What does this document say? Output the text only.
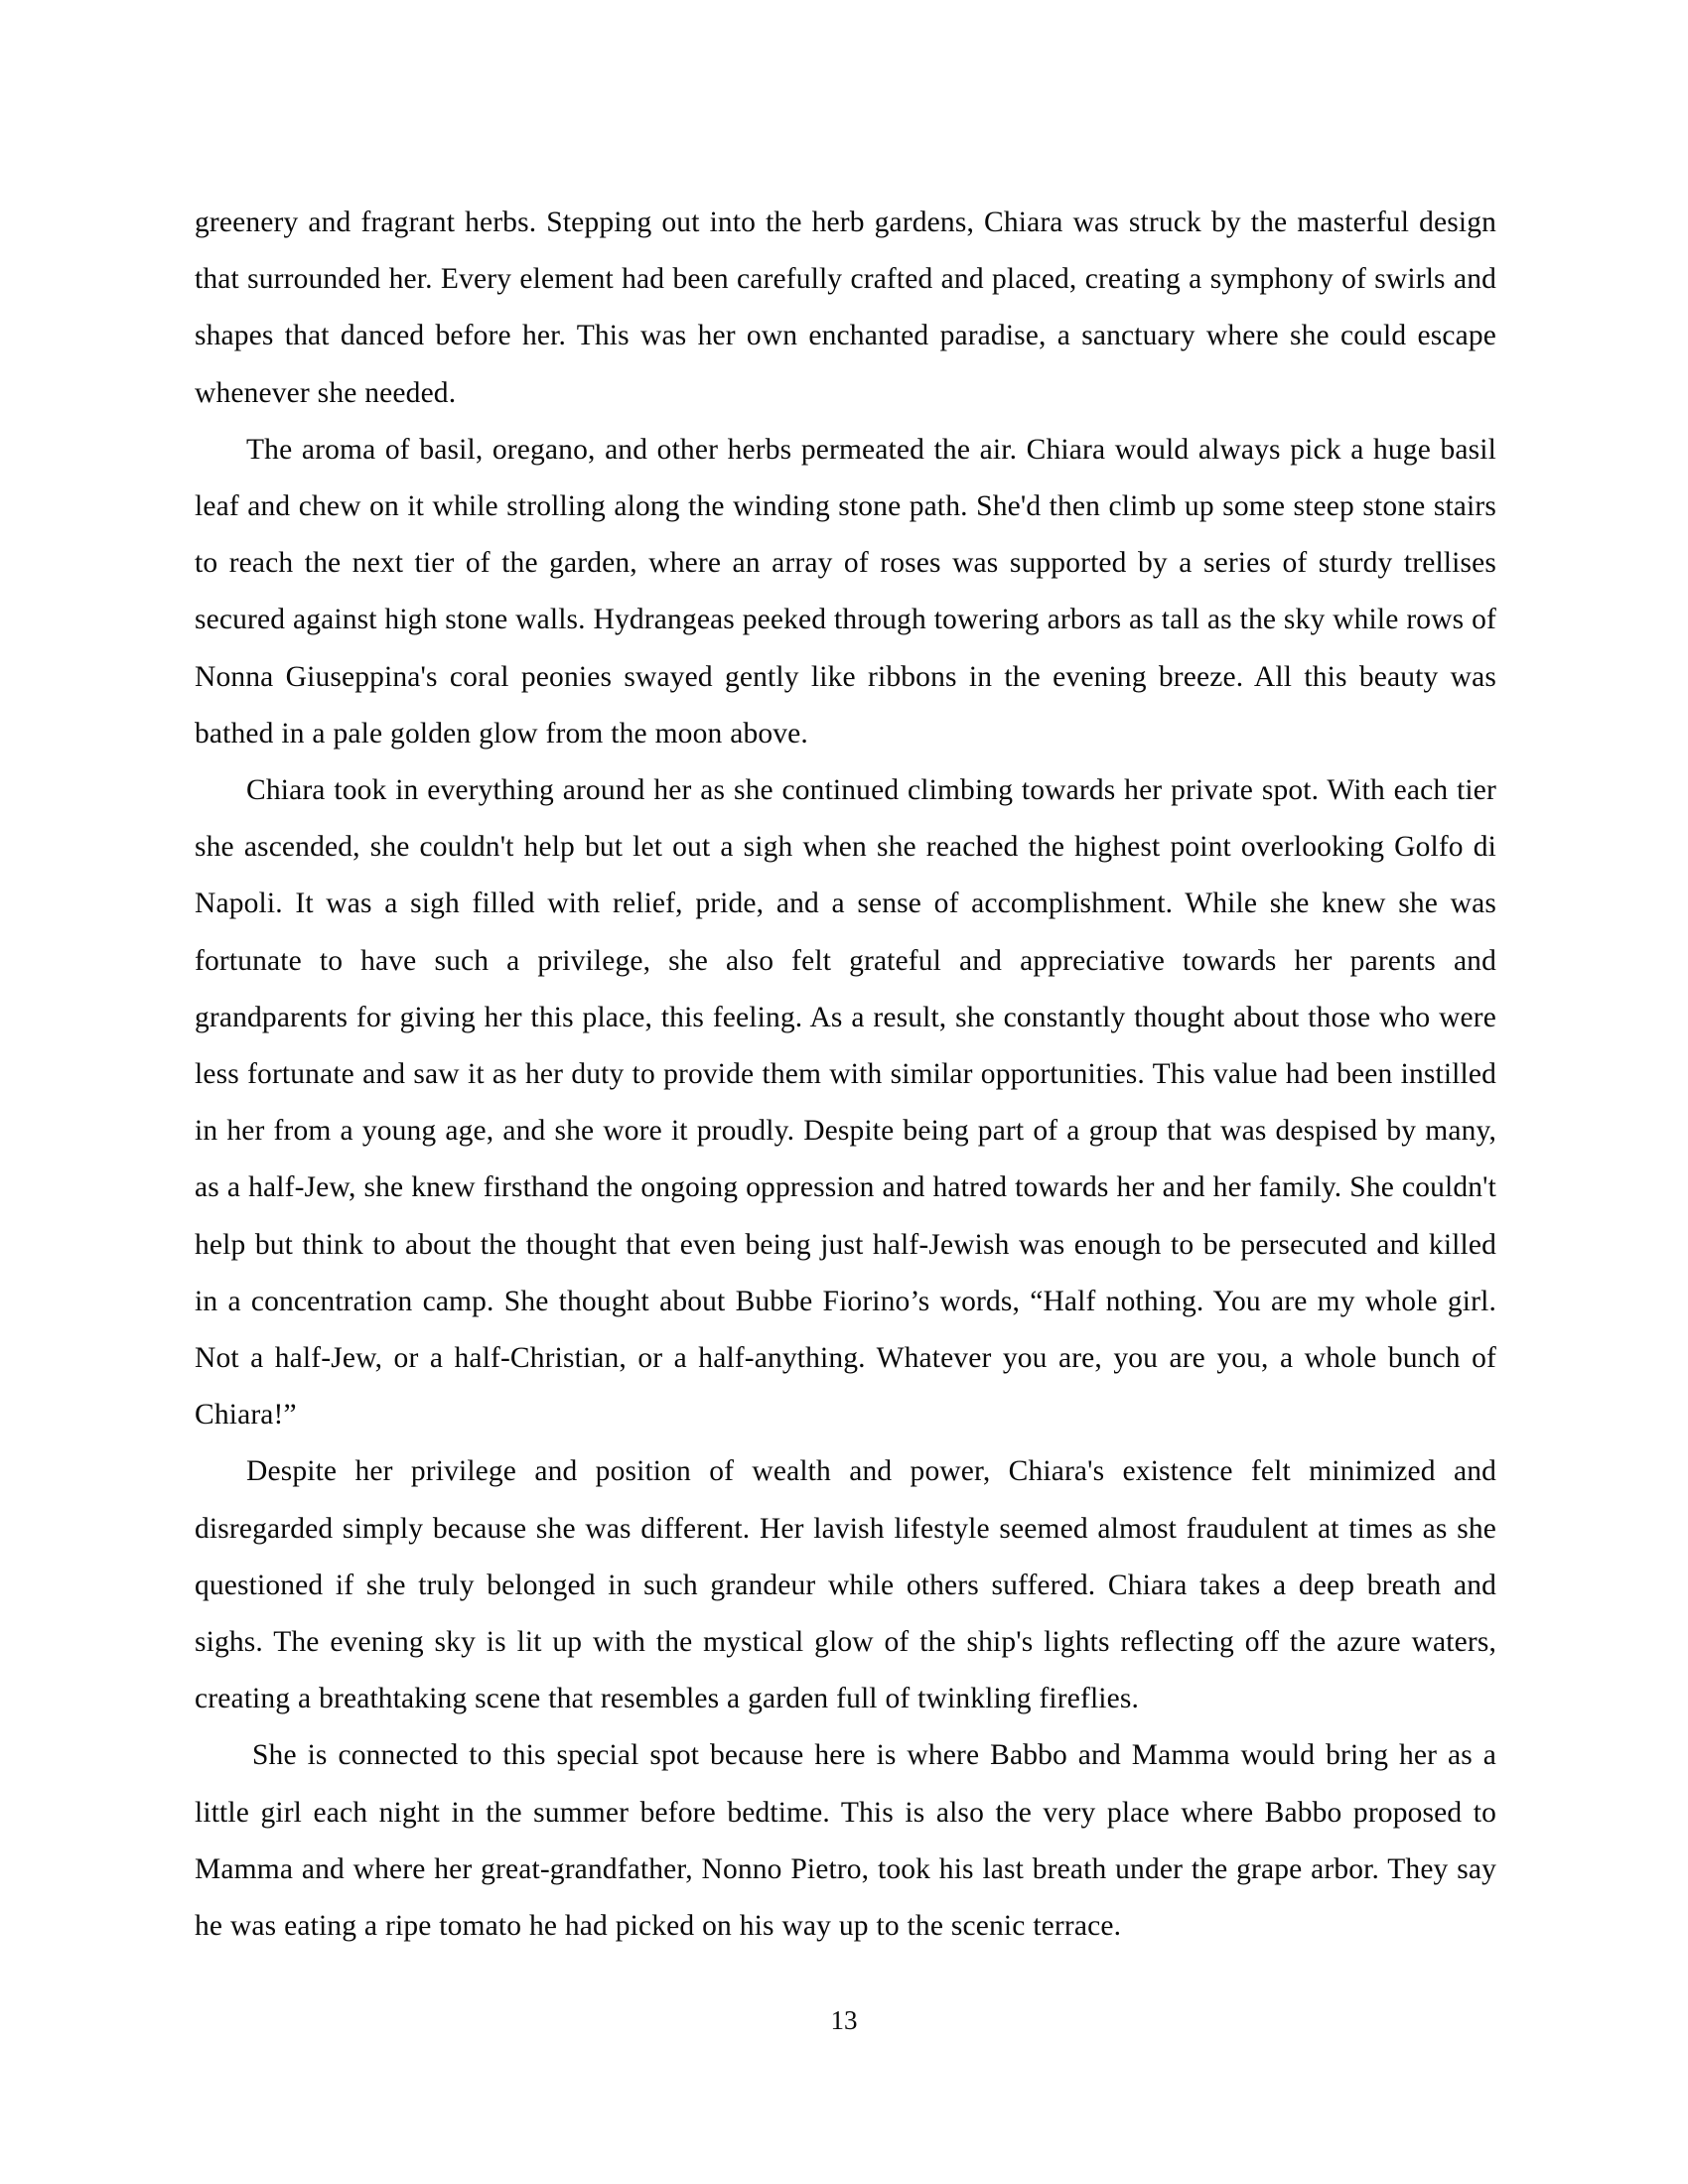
greenery and fragrant herbs. Stepping out into the herb gardens, Chiara was struck by the masterful design that surrounded her. Every element had been carefully crafted and placed, creating a symphony of swirls and shapes that danced before her. This was her own enchanted paradise, a sanctuary where she could escape whenever she needed.

The aroma of basil, oregano, and other herbs permeated the air. Chiara would always pick a huge basil leaf and chew on it while strolling along the winding stone path. She'd then climb up some steep stone stairs to reach the next tier of the garden, where an array of roses was supported by a series of sturdy trellises secured against high stone walls. Hydrangeas peeked through towering arbors as tall as the sky while rows of Nonna Giuseppina's coral peonies swayed gently like ribbons in the evening breeze. All this beauty was bathed in a pale golden glow from the moon above.

Chiara took in everything around her as she continued climbing towards her private spot. With each tier she ascended, she couldn't help but let out a sigh when she reached the highest point overlooking Golfo di Napoli. It was a sigh filled with relief, pride, and a sense of accomplishment. While she knew she was fortunate to have such a privilege, she also felt grateful and appreciative towards her parents and grandparents for giving her this place, this feeling. As a result, she constantly thought about those who were less fortunate and saw it as her duty to provide them with similar opportunities. This value had been instilled in her from a young age, and she wore it proudly. Despite being part of a group that was despised by many, as a half-Jew, she knew firsthand the ongoing oppression and hatred towards her and her family. She couldn't help but think to about the thought that even being just half-Jewish was enough to be persecuted and killed in a concentration camp. She thought about Bubbe Fiorino’s words, “Half nothing. You are my whole girl. Not a half-Jew, or a half-Christian, or a half-anything. Whatever you are, you are you, a whole bunch of Chiara!”

Despite her privilege and position of wealth and power, Chiara's existence felt minimized and disregarded simply because she was different. Her lavish lifestyle seemed almost fraudulent at times as she questioned if she truly belonged in such grandeur while others suffered. Chiara takes a deep breath and sighs. The evening sky is lit up with the mystical glow of the ship's lights reflecting off the azure waters, creating a breathtaking scene that resembles a garden full of twinkling fireflies.

She is connected to this special spot because here is where Babbo and Mamma would bring her as a little girl each night in the summer before bedtime. This is also the very place where Babbo proposed to Mamma and where her great-grandfather, Nonno Pietro, took his last breath under the grape arbor. They say he was eating a ripe tomato he had picked on his way up to the scenic terrace.

13
